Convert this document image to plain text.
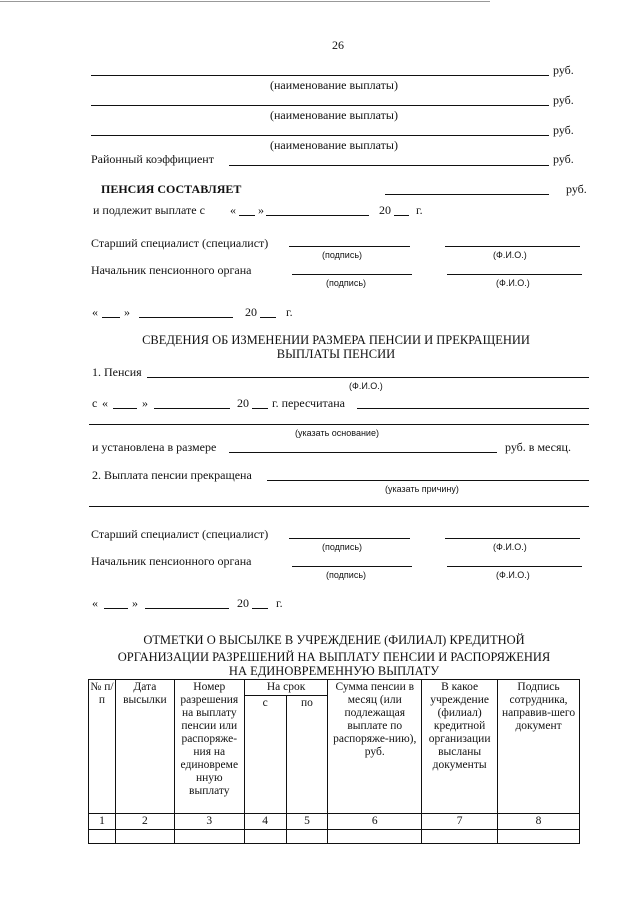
26
руб.
(наименование выплаты)
руб.
(наименование выплаты)
руб.
(наименование выплаты)
Районный коэффициент	руб.
ПЕНСИЯ СОСТАВЛЯЕТ	руб.
и подлежит выплате с « »	20 г.
Старший специалист (специалист)
(подпись)	(Ф.И.О.)
Начальник пенсионного органа
(подпись)	(Ф.И.О.)
« »	20 г.
СВЕДЕНИЯ ОБ ИЗМЕНЕНИИ РАЗМЕРА ПЕНСИИ И ПРЕКРАЩЕНИИ
ВЫПЛАТЫ ПЕНСИИ
1. Пенсия
(Ф.И.О.)
с «	»	20 г. пересчитана
(указать основание)
и установлена в размере	руб. в месяц.
2. Выплата пенсии прекращена
(указать причину)
Старший специалист (специалист)
(подпись)	(Ф.И.О.)
Начальник пенсионного органа
(подпись)	(Ф.И.О.)
«	»	20 г.
ОТМЕТКИ О ВЫСЫЛКЕ В УЧРЕЖДЕНИЕ (ФИЛИАЛ) КРЕДИТНОЙ
ОРГАНИЗАЦИИ РАЗРЕШЕНИЙ НА ВЫПЛАТУ ПЕНСИИ И РАСПОРЯЖЕНИЯ
НА ЕДИНОВРЕМЕННУЮ ВЫПЛАТУ
№ п/п	Дата высылки	Номер разрешения на выплату пенсии или распоряже-ния на единовреме нную выплату	На срок		Сумма пенсии в месяц (или подлежащая выплате по распоряже-нию), руб.	В какое учреждение (филиал) кредитной организации высланы документы	Подпись сотрудника, направив-шего документ
			с	по			
1	2	3	4	5	6	7	8
